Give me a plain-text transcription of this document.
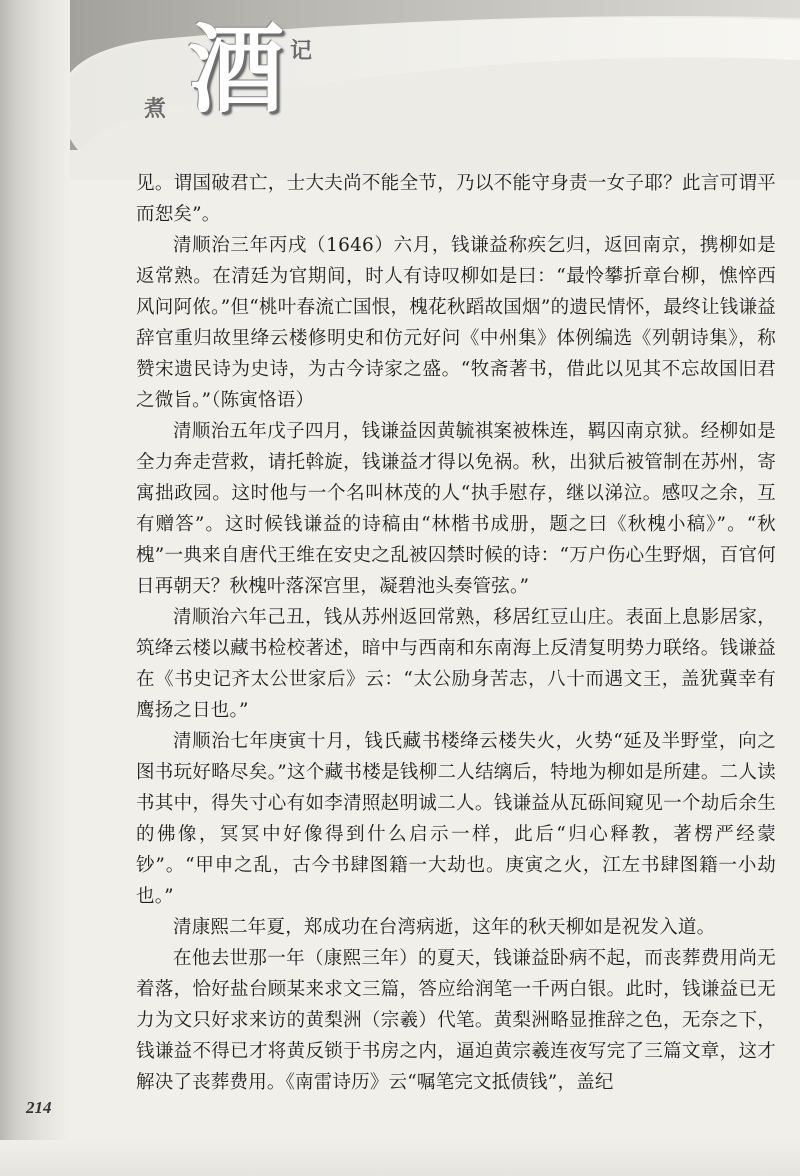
煮 酒 记

见。谓国破君亡，士大夫尚不能全节，乃以不能守身责一女子耶？此言可谓平而恕矣”。

清顺治三年丙戌（1646）六月，钱谦益称疾乞归，返回南京，携柳如是返常熟。在清廷为官期间，时人有诗叹柳如是曰：“最怜攀折章台柳，憔悴西风问阿侬。”但“桃叶春流亡国恨，槐花秋蹈故国烟”的遗民情怀，最终让钱谦益辞官重归故里绛云楼修明史和仿元好问《中州集》体例编选《列朝诗集》，称赞宋遗民诗为史诗，为古今诗家之盛。“牧斋著书，借此以见其不忘故国旧君之微旨。”（陈寅恪语）

清顺治五年戊子四月，钱谦益因黄毓祺案被株连，羁囚南京狱。经柳如是全力奔走营救，请托斡旋，钱谦益才得以免祸。秋，出狱后被管制在苏州，寄寓拙政园。这时他与一个名叫林茂的人“执手慰存，继以涕泣。感叹之余，互有赠答”。这时候钱谦益的诗稿由“林楷书成册，题之曰《秋槐小稿》”。“秋槐”一典来自唐代王维在安史之乱被囚禁时候的诗：“万户伤心生野烟，百官何日再朝天？秋槐叶落深宫里，凝碧池头奏管弦。”

清顺治六年己丑，钱从苏州返回常熟，移居红豆山庄。表面上息影居家，筑绛云楼以藏书检校著述，暗中与西南和东南海上反清复明势力联络。钱谦益在《书史记齐太公世家后》云：“太公励身苦志，八十而遇文王，盖犹冀幸有鹰扬之日也。”

清顺治七年庚寅十月，钱氏藏书楼绛云楼失火，火势“延及半野堂，向之图书玩好略尽矣。”这个藏书楼是钱柳二人结缡后，特地为柳如是所建。二人读书其中，得失寸心有如李清照赵明诚二人。钱谦益从瓦砾间窥见一个劫后余生的佛像，冥冥中好像得到什么启示一样，此后“归心释教，著楞严经蒙钞”。“甲申之乱，古今书肆图籍一大劫也。庚寅之火，江左书肆图籍一小劫也。”

清康熙二年夏，郑成功在台湾病逝，这年的秋天柳如是祝发入道。

在他去世那一年（康熙三年）的夏天，钱谦益卧病不起，而丧葬费用尚无着落，恰好盐台顾某来求文三篇，答应给润笔一千两白银。此时，钱谦益已无力为文只好求来访的黄梨洲（宗羲）代笔。黄梨洲略显推辞之色，无奈之下，钱谦益不得已才将黄反锁于书房之内，逼迫黄宗羲连夜写完了三篇文章，这才解决了丧葬费用。《南雷诗历》云“嘱笔完文抵债钱”，盖纪

214
